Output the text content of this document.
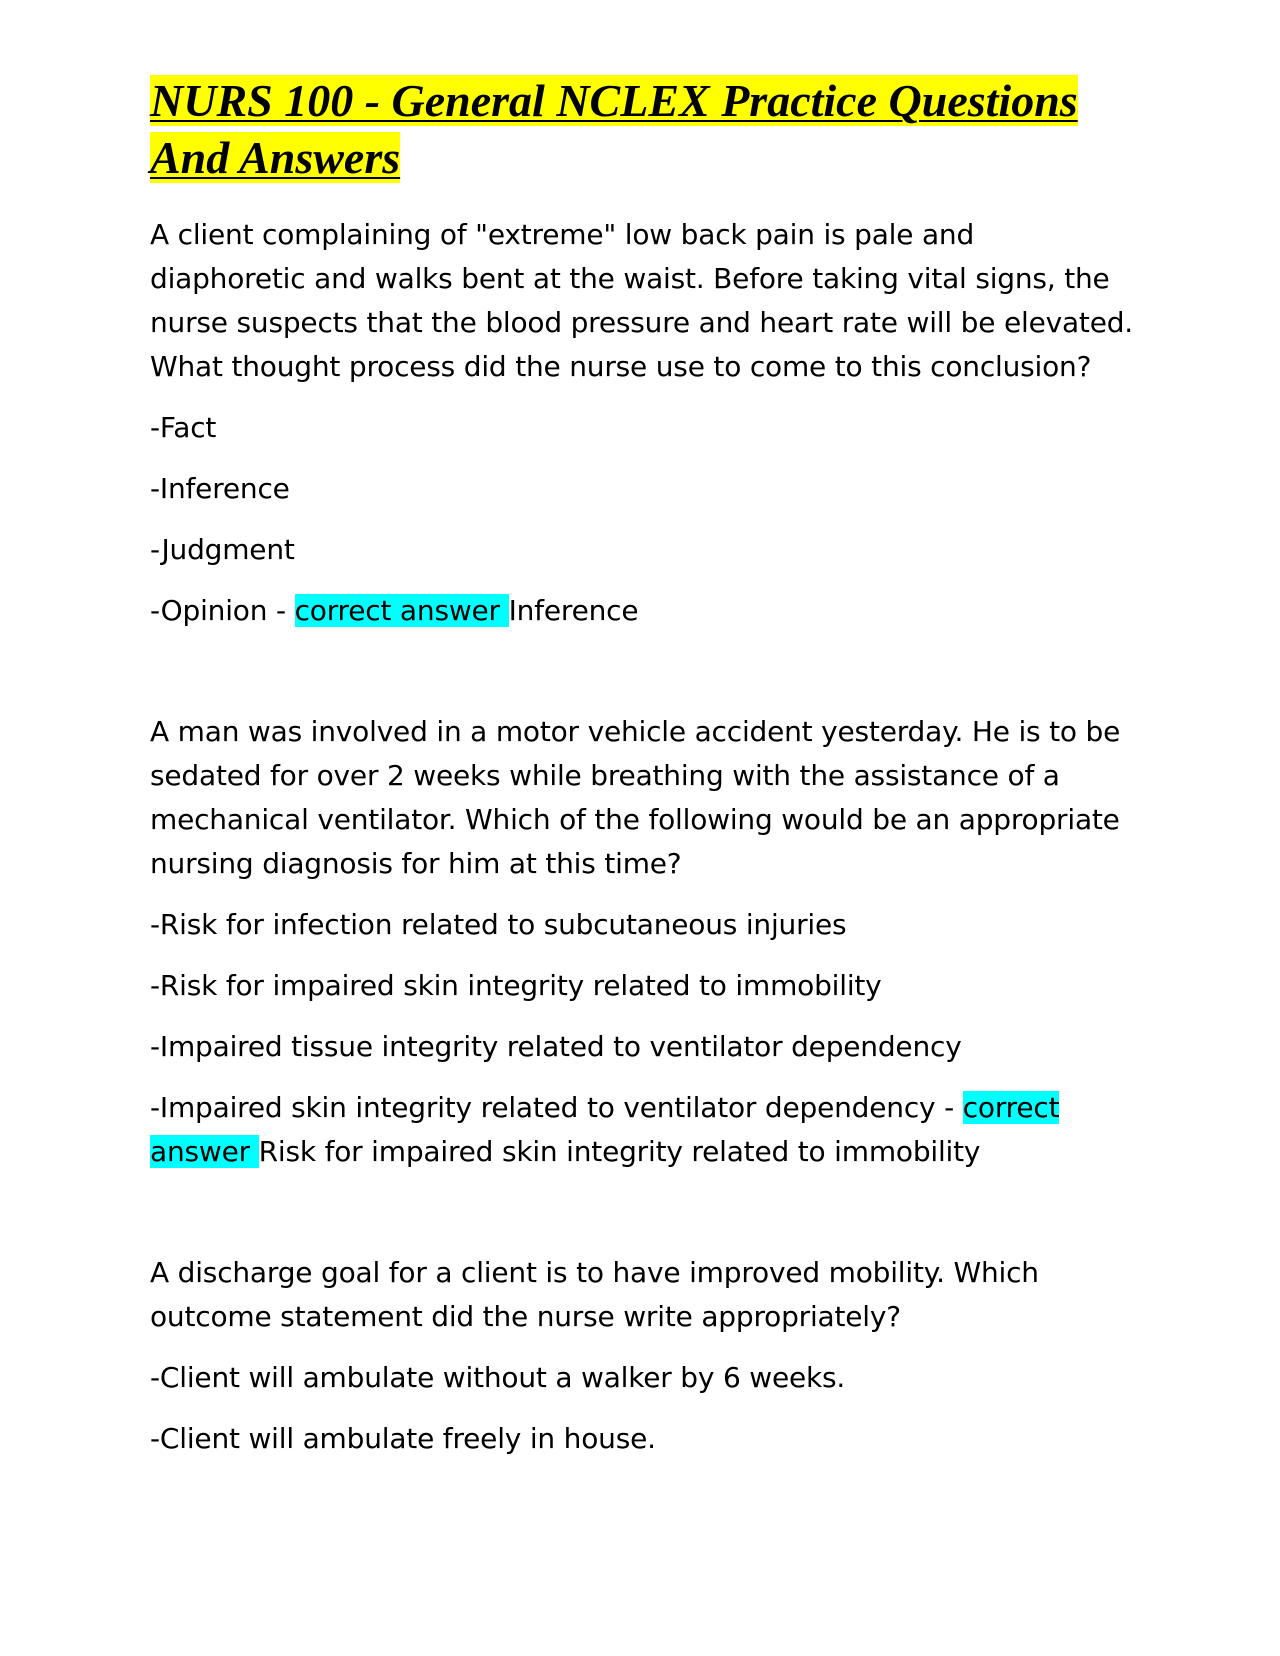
NURS 100 - General NCLEX Practice Questions And Answers

A client complaining of "extreme" low back pain is pale and diaphoretic and walks bent at the waist. Before taking vital signs, the nurse suspects that the blood pressure and heart rate will be elevated. What thought process did the nurse use to come to this conclusion?

-Fact

-Inference

-Judgment

-Opinion - correct answer Inference

A man was involved in a motor vehicle accident yesterday. He is to be sedated for over 2 weeks while breathing with the assistance of a mechanical ventilator. Which of the following would be an appropriate nursing diagnosis for him at this time?

-Risk for infection related to subcutaneous injuries

-Risk for impaired skin integrity related to immobility

-Impaired tissue integrity related to ventilator dependency

-Impaired skin integrity related to ventilator dependency - correct answer Risk for impaired skin integrity related to immobility

A discharge goal for a client is to have improved mobility. Which outcome statement did the nurse write appropriately?

-Client will ambulate without a walker by 6 weeks.

-Client will ambulate freely in house.
